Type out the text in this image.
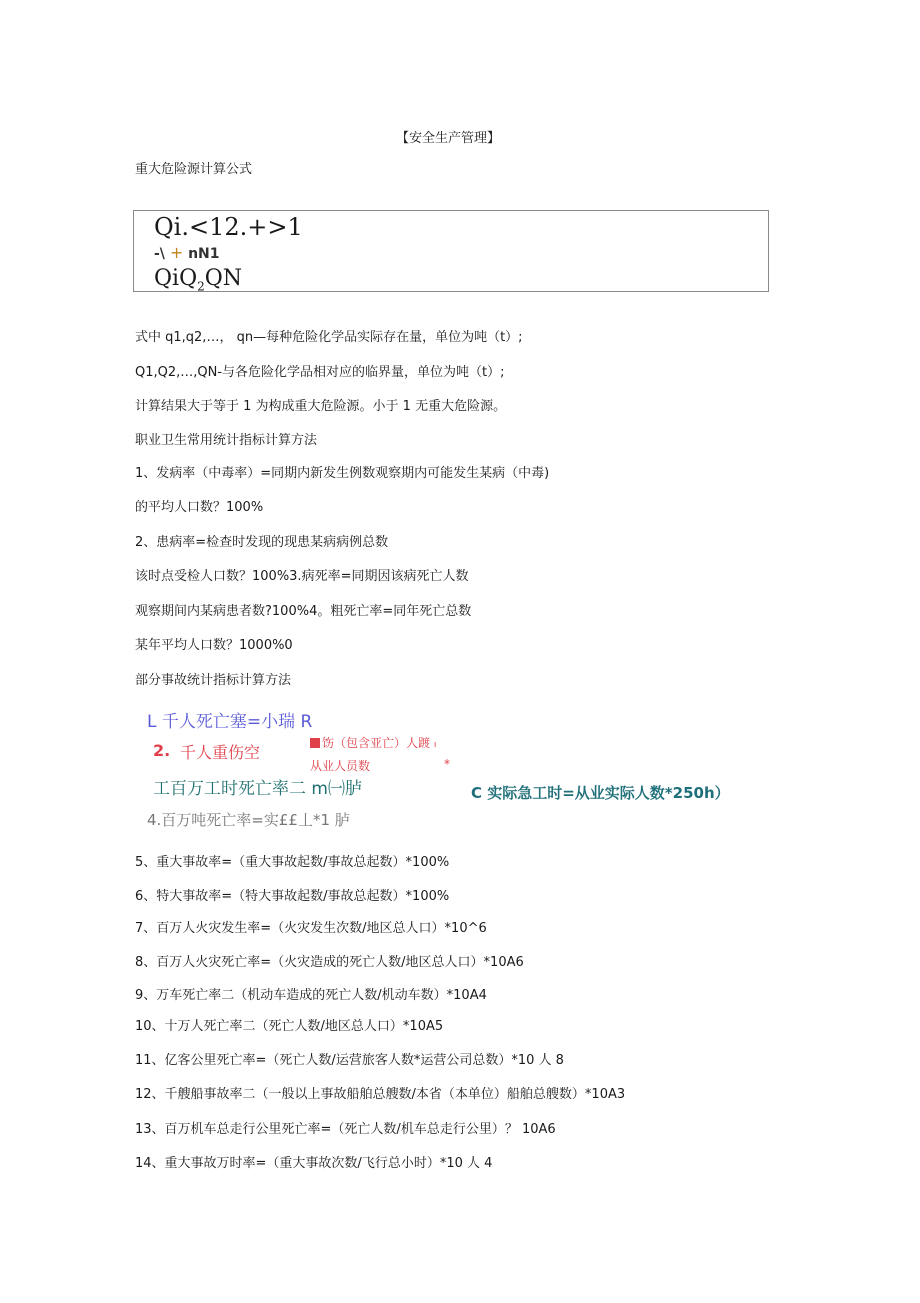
【安全生产管理】
重大危险源计算公式
Qi.<12.+>1
-\ + nN1
QiQ$_2$QN
式中 q1,q2,…， qn—每种危险化学品实际存在量，单位为吨（t）;
Q1,Q2,…,QN-与各危险化学品相对应的临界量，单位为吨（t）;
计算结果大于等于 1 为构成重大危险源。小于 1 无重大危险源。
职业卫生常用统计指标计算方法
1、发病率（中毒率）=同期内新发生例数观察期内可能发生某病（中毒)
的平均人口数？100%
2、患病率=检查时发现的现患某病病例总数
该时点受检人口数？100%3.病死率=同期因该病死亡人数
观察期间内某病患者数?100%4。粗死亡率=同年死亡总数
某年平均人口数？1000%0
部分事故统计指标计算方法
L 千人死亡塞=小瑞 R
2. 千人重伤空	饬（包含亚亡）人踱 ı
从业人员数	*
工百万工时死亡率二 m㈠胪	C 实际急工时=从业实际人数*250h）
4.百万吨死亡率=实££丄*1 胪
5、重大事故率=（重大事故起数/事故总起数）*100%
6、特大事故率=（特大事故起数/事故总起数）*100%
7、百万人火灾发生率=（火灾发生次数/地区总人口）*10^6
8、百万人火灾死亡率=（火灾造成的死亡人数/地区总人口）*10A6
9、万车死亡率二（机动车造成的死亡人数/机动车数）*10A4
10、十万人死亡率二（死亡人数/地区总人口）*10A5
11、亿客公里死亡率=（死亡人数/运营旅客人数*运营公司总数）*10 人 8
12、千艘船事故率二（一般以上事故船舶总艘数/本省（本单位）船舶总艘数）*10A3
13、百万机车总走行公里死亡率=（死亡人数/机车总走行公里）？ 10A6
14、重大事故万时率=（重大事故次数/飞行总小时）*10 人 4
